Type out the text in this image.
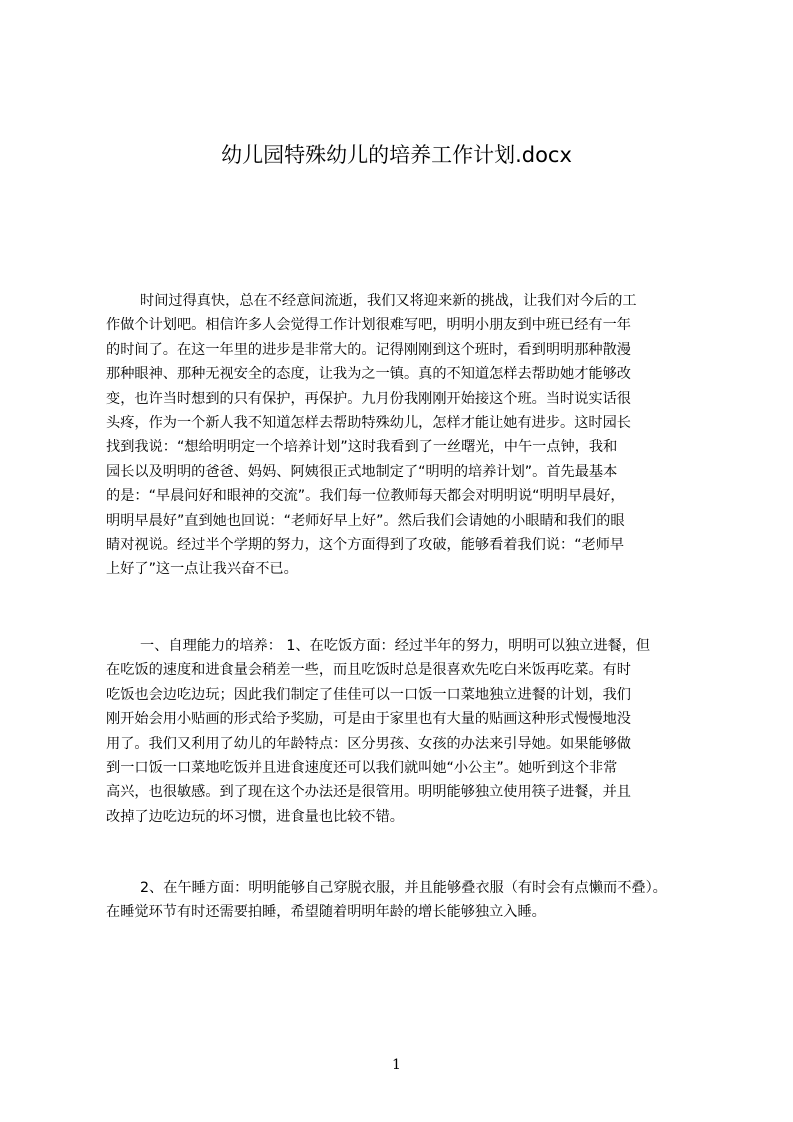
幼儿园特殊幼儿的培养工作计划.docx
时间过得真快，总在不经意间流逝，我们又将迎来新的挑战，让我们对今后的工
作做个计划吧。相信许多人会觉得工作计划很难写吧，明明小朋友到中班已经有一年
的时间了。在这一年里的进步是非常大的。记得刚刚到这个班时，看到明明那种散漫
那种眼神、那种无视安全的态度，让我为之一镇。真的不知道怎样去帮助她才能够改
变，也许当时想到的只有保护，再保护。九月份我刚刚开始接这个班。当时说实话很
头疼，作为一个新人我不知道怎样去帮助特殊幼儿，怎样才能让她有进步。这时园长
找到我说：“想给明明定一个培养计划”这时我看到了一丝曙光，中午一点钟，我和
园长以及明明的爸爸、妈妈、阿姨很正式地制定了“明明的培养计划”。首先最基本
的是：“早晨问好和眼神的交流”。我们每一位教师每天都会对明明说“明明早晨好，
明明早晨好”直到她也回说：“老师好早上好”。然后我们会请她的小眼睛和我们的眼
睛对视说。经过半个学期的努力，这个方面得到了攻破，能够看着我们说：“老师早
上好了”这一点让我兴奋不已。
一、自理能力的培养： 1、在吃饭方面：经过半年的努力，明明可以独立进餐，但
在吃饭的速度和进食量会稍差一些，而且吃饭时总是很喜欢先吃白米饭再吃菜。有时
吃饭也会边吃边玩；因此我们制定了佳佳可以一口饭一口菜地独立进餐的计划，我们
刚开始会用小贴画的形式给予奖励，可是由于家里也有大量的贴画这种形式慢慢地没
用了。我们又利用了幼儿的年龄特点：区分男孩、女孩的办法来引导她。如果能够做
到一口饭一口菜地吃饭并且进食速度还可以我们就叫她“小公主”。她听到这个非常
高兴，也很敏感。到了现在这个办法还是很管用。明明能够独立使用筷子进餐，并且
改掉了边吃边玩的坏习惯，进食量也比较不错。
2、在午睡方面：明明能够自己穿脱衣服，并且能够叠衣服（有时会有点懒而不叠）。
在睡觉环节有时还需要拍睡，希望随着明明年龄的增长能够独立入睡。
1
